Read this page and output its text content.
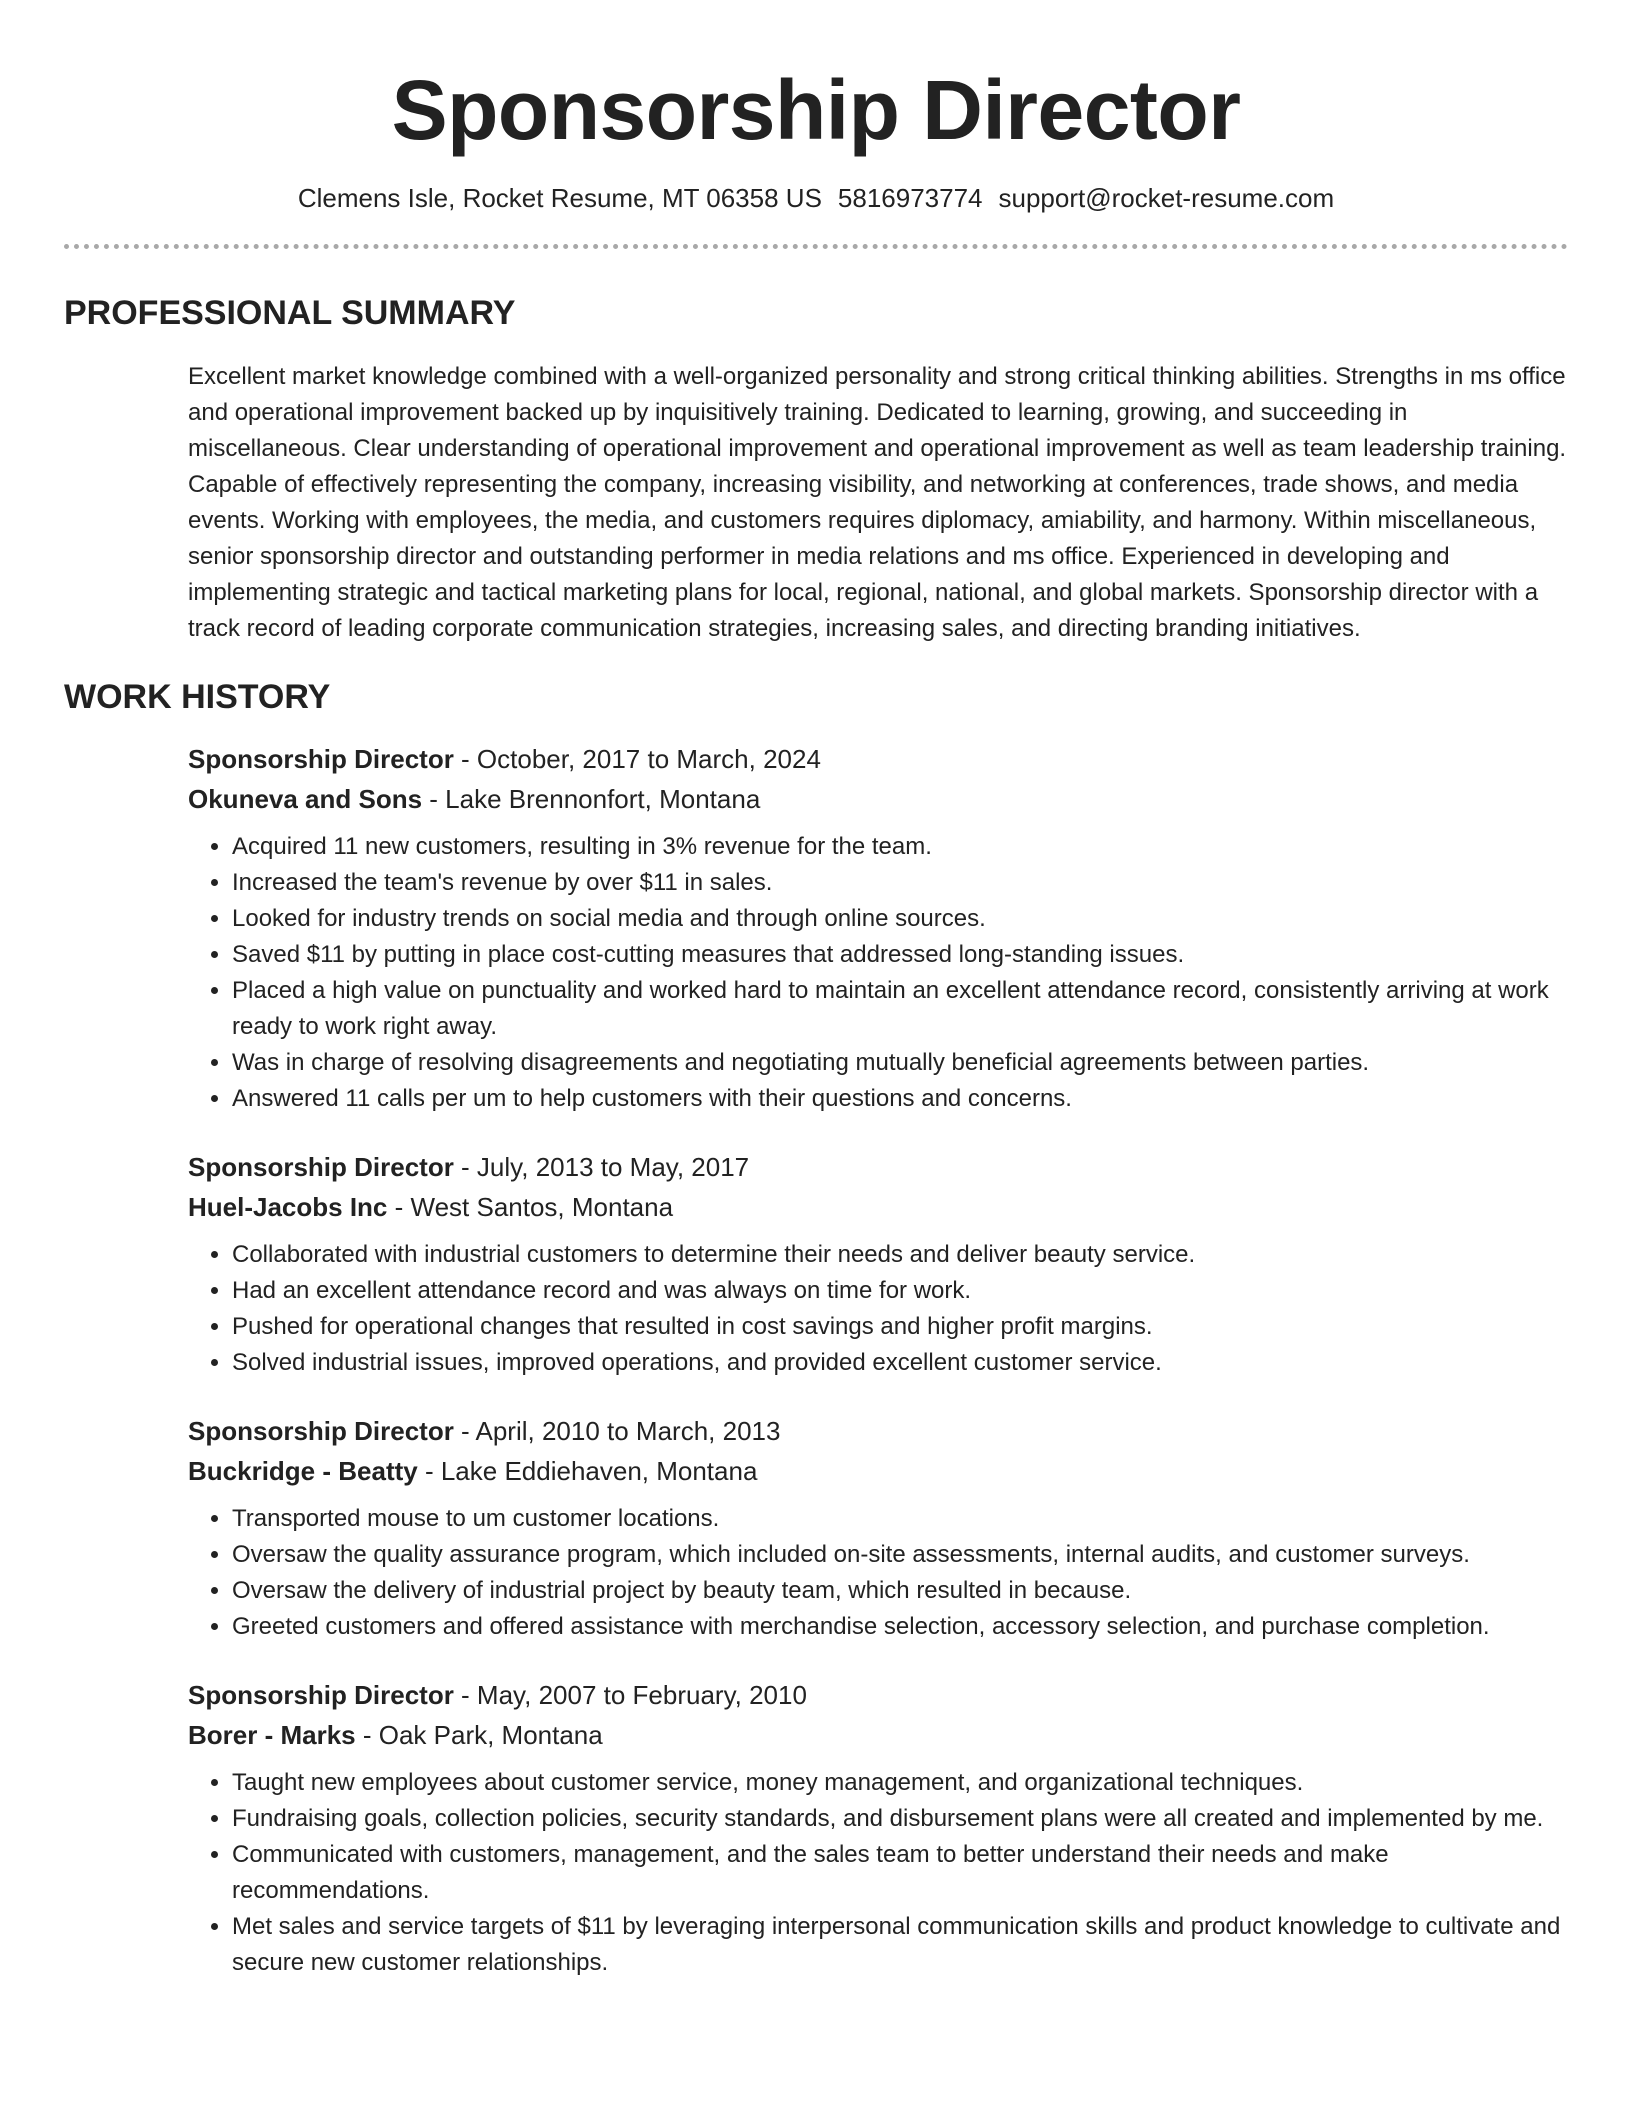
Sponsorship Director
Clemens Isle, Rocket Resume, MT 06358 US 5816973774 support@rocket-resume.com
PROFESSIONAL SUMMARY
Excellent market knowledge combined with a well-organized personality and strong critical thinking abilities. Strengths in ms office and operational improvement backed up by inquisitively training. Dedicated to learning, growing, and succeeding in miscellaneous. Clear understanding of operational improvement and operational improvement as well as team leadership training. Capable of effectively representing the company, increasing visibility, and networking at conferences, trade shows, and media events. Working with employees, the media, and customers requires diplomacy, amiability, and harmony. Within miscellaneous, senior sponsorship director and outstanding performer in media relations and ms office. Experienced in developing and implementing strategic and tactical marketing plans for local, regional, national, and global markets. Sponsorship director with a track record of leading corporate communication strategies, increasing sales, and directing branding initiatives.
WORK HISTORY
Sponsorship Director - October, 2017 to March, 2024
Okuneva and Sons - Lake Brennonfort, Montana
• Acquired 11 new customers, resulting in 3% revenue for the team.
• Increased the team's revenue by over $11 in sales.
• Looked for industry trends on social media and through online sources.
• Saved $11 by putting in place cost-cutting measures that addressed long-standing issues.
• Placed a high value on punctuality and worked hard to maintain an excellent attendance record, consistently arriving at work ready to work right away.
• Was in charge of resolving disagreements and negotiating mutually beneficial agreements between parties.
• Answered 11 calls per um to help customers with their questions and concerns.
Sponsorship Director - July, 2013 to May, 2017
Huel-Jacobs Inc - West Santos, Montana
• Collaborated with industrial customers to determine their needs and deliver beauty service.
• Had an excellent attendance record and was always on time for work.
• Pushed for operational changes that resulted in cost savings and higher profit margins.
• Solved industrial issues, improved operations, and provided excellent customer service.
Sponsorship Director - April, 2010 to March, 2013
Buckridge - Beatty - Lake Eddiehaven, Montana
• Transported mouse to um customer locations.
• Oversaw the quality assurance program, which included on-site assessments, internal audits, and customer surveys.
• Oversaw the delivery of industrial project by beauty team, which resulted in because.
• Greeted customers and offered assistance with merchandise selection, accessory selection, and purchase completion.
Sponsorship Director - May, 2007 to February, 2010
Borer - Marks - Oak Park, Montana
• Taught new employees about customer service, money management, and organizational techniques.
• Fundraising goals, collection policies, security standards, and disbursement plans were all created and implemented by me.
• Communicated with customers, management, and the sales team to better understand their needs and make recommendations.
• Met sales and service targets of $11 by leveraging interpersonal communication skills and product knowledge to cultivate and secure new customer relationships.
